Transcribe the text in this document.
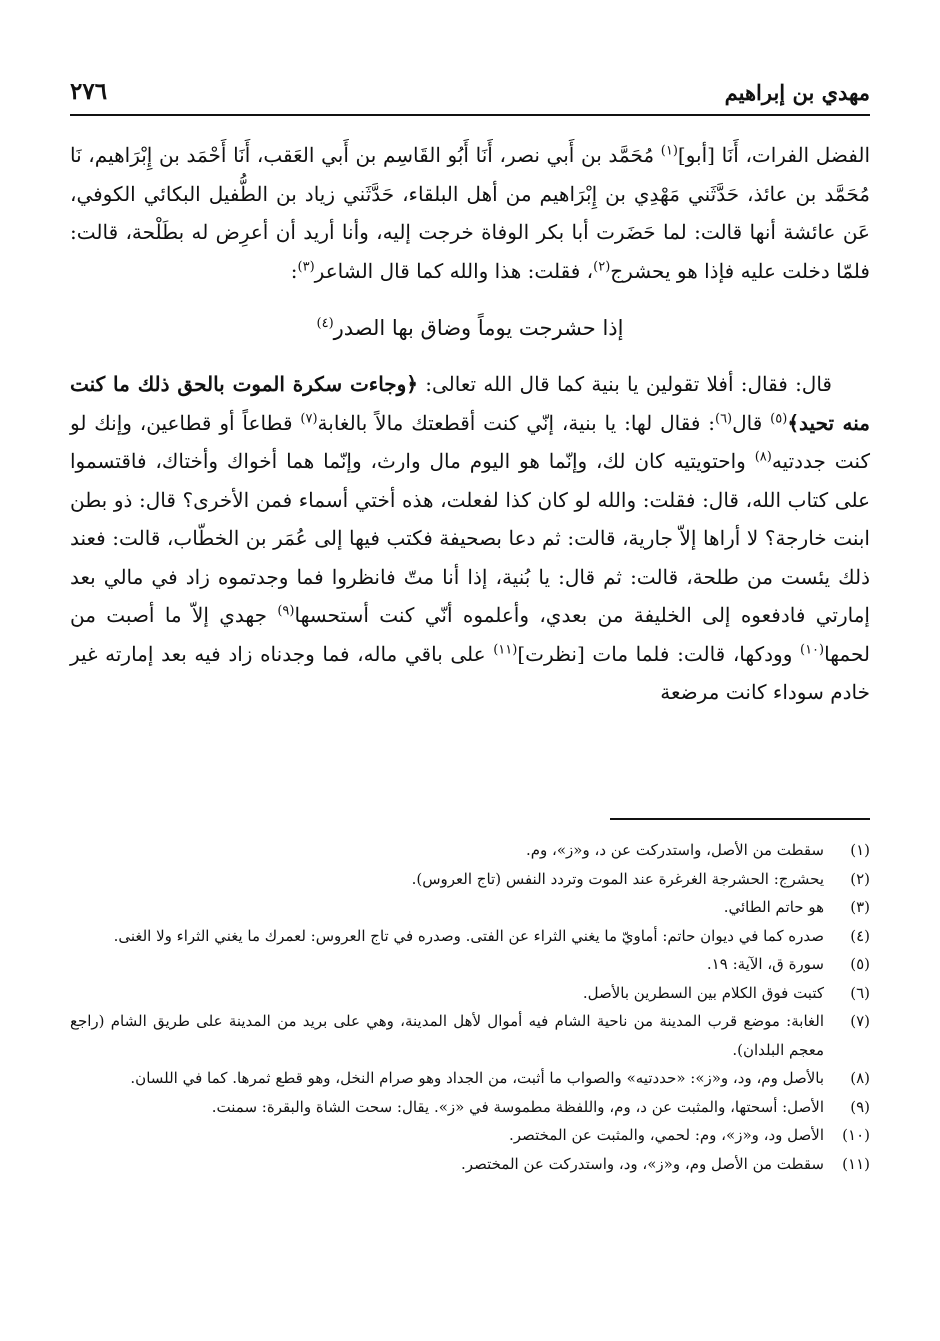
مهدي بن إبراهيم
٢٧٦

الفضل الفرات، أَنَا [أبو]$^{(١)}$ مُحَمَّد بن أَبي نصر، أَنَا أَبُو القَاسِم بن أَبي العَقب، أَنَا أَحْمَد بن إِبْرَاهيم، نَا مُحَمَّد بن عائذ، حَدَّثَني مَهْدِي بن إِبْرَاهيم من أهل البلقاء، حَدَّثَني زياد بن الطُّفيل البكائي الكوفي، عَن عائشة أنها قالت: لما حَضَرت أبا بكر الوفاة خرجت إليه، وأنا أريد أن أعرِض له بطَلْحة، قالت: فلمّا دخلت عليه فإذا هو يحشرج$^{(٢)}$، فقلت: هذا والله كما قال الشاعر$^{(٣)}$:

إذا حشرجت يوماً وضاق بها الصدر$^{(٤)}$

قال: فقال: أفلا تقولين يا بنية كما قال الله تعالى: ﴿وجاءت سكرة الموت بالحق ذلك ما كنت منه تحيد﴾$^{(٥)}$ قال$^{(٦)}$: فقال لها: يا بنية، إنّي كنت أقطعتك مالاً بالغابة$^{(٧)}$ قطاعاً أو قطاعين، وإنك لو كنت جددتيه$^{(٨)}$ واحتويتيه كان لك، وإنّما هو اليوم مال وارث، وإنّما هما أخواك وأختاك، فاقتسموا على كتاب الله، قال: فقلت: والله لو كان كذا لفعلت، هذه أختي أسماء فمن الأخرى؟ قال: ذو بطن ابنت خارجة؟ لا أراها إلاّ جارية، قالت: ثم دعا بصحيفة فكتب فيها إلى عُمَر بن الخطّاب، قالت: فعند ذلك يئست من طلحة، قالت: ثم قال: يا بُنية، إذا أنا متّ فانظروا فما وجدتموه زاد في مالي بعد إمارتي فادفعوه إلى الخليفة من بعدي، وأعلموه أنّي كنت أستحسها$^{(٩)}$ جهدي إلاّ ما أصبت من لحمها$^{(١٠)}$ وودكها، قالت: فلما مات [نظرت]$^{(١١)}$ على باقي ماله، فما وجدناه زاد فيه بعد إمارته غير خادم سوداء كانت مرضعة

(١)
سقطت من الأصل، واستدركت عن د، و«ز»، وم.
(٢)
يحشرج: الحشرجة الغرغرة عند الموت وتردد النفس (تاج العروس).
(٣)
هو حاتم الطائي.
(٤)
صدره كما في ديوان حاتم: أماويّ ما يغني الثراء عن الفتى. وصدره في تاج العروس: لعمرك ما يغني الثراء ولا الغنى.
(٥)
سورة ق، الآية: ١٩.
(٦)
كتبت فوق الكلام بين السطرين بالأصل.
(٧)
الغابة: موضع قرب المدينة من ناحية الشام فيه أموال لأهل المدينة، وهي على بريد من المدينة على طريق الشام (راجع معجم البلدان).
(٨)
بالأصل وم، ود، و«ز»: «حددتيه» والصواب ما أثبت، من الجداد وهو صرام النخل، وهو قطع ثمرها. كما في اللسان.
(٩)
الأصل: أسحتها، والمثبت عن د، وم، واللفظة مطموسة في «ز». يقال: سحت الشاة والبقرة: سمنت.
(١٠)
الأصل ود، و«ز»، وم: لحمي، والمثبت عن المختصر.
(١١)
سقطت من الأصل وم، و«ز»، ود، واستدركت عن المختصر.
